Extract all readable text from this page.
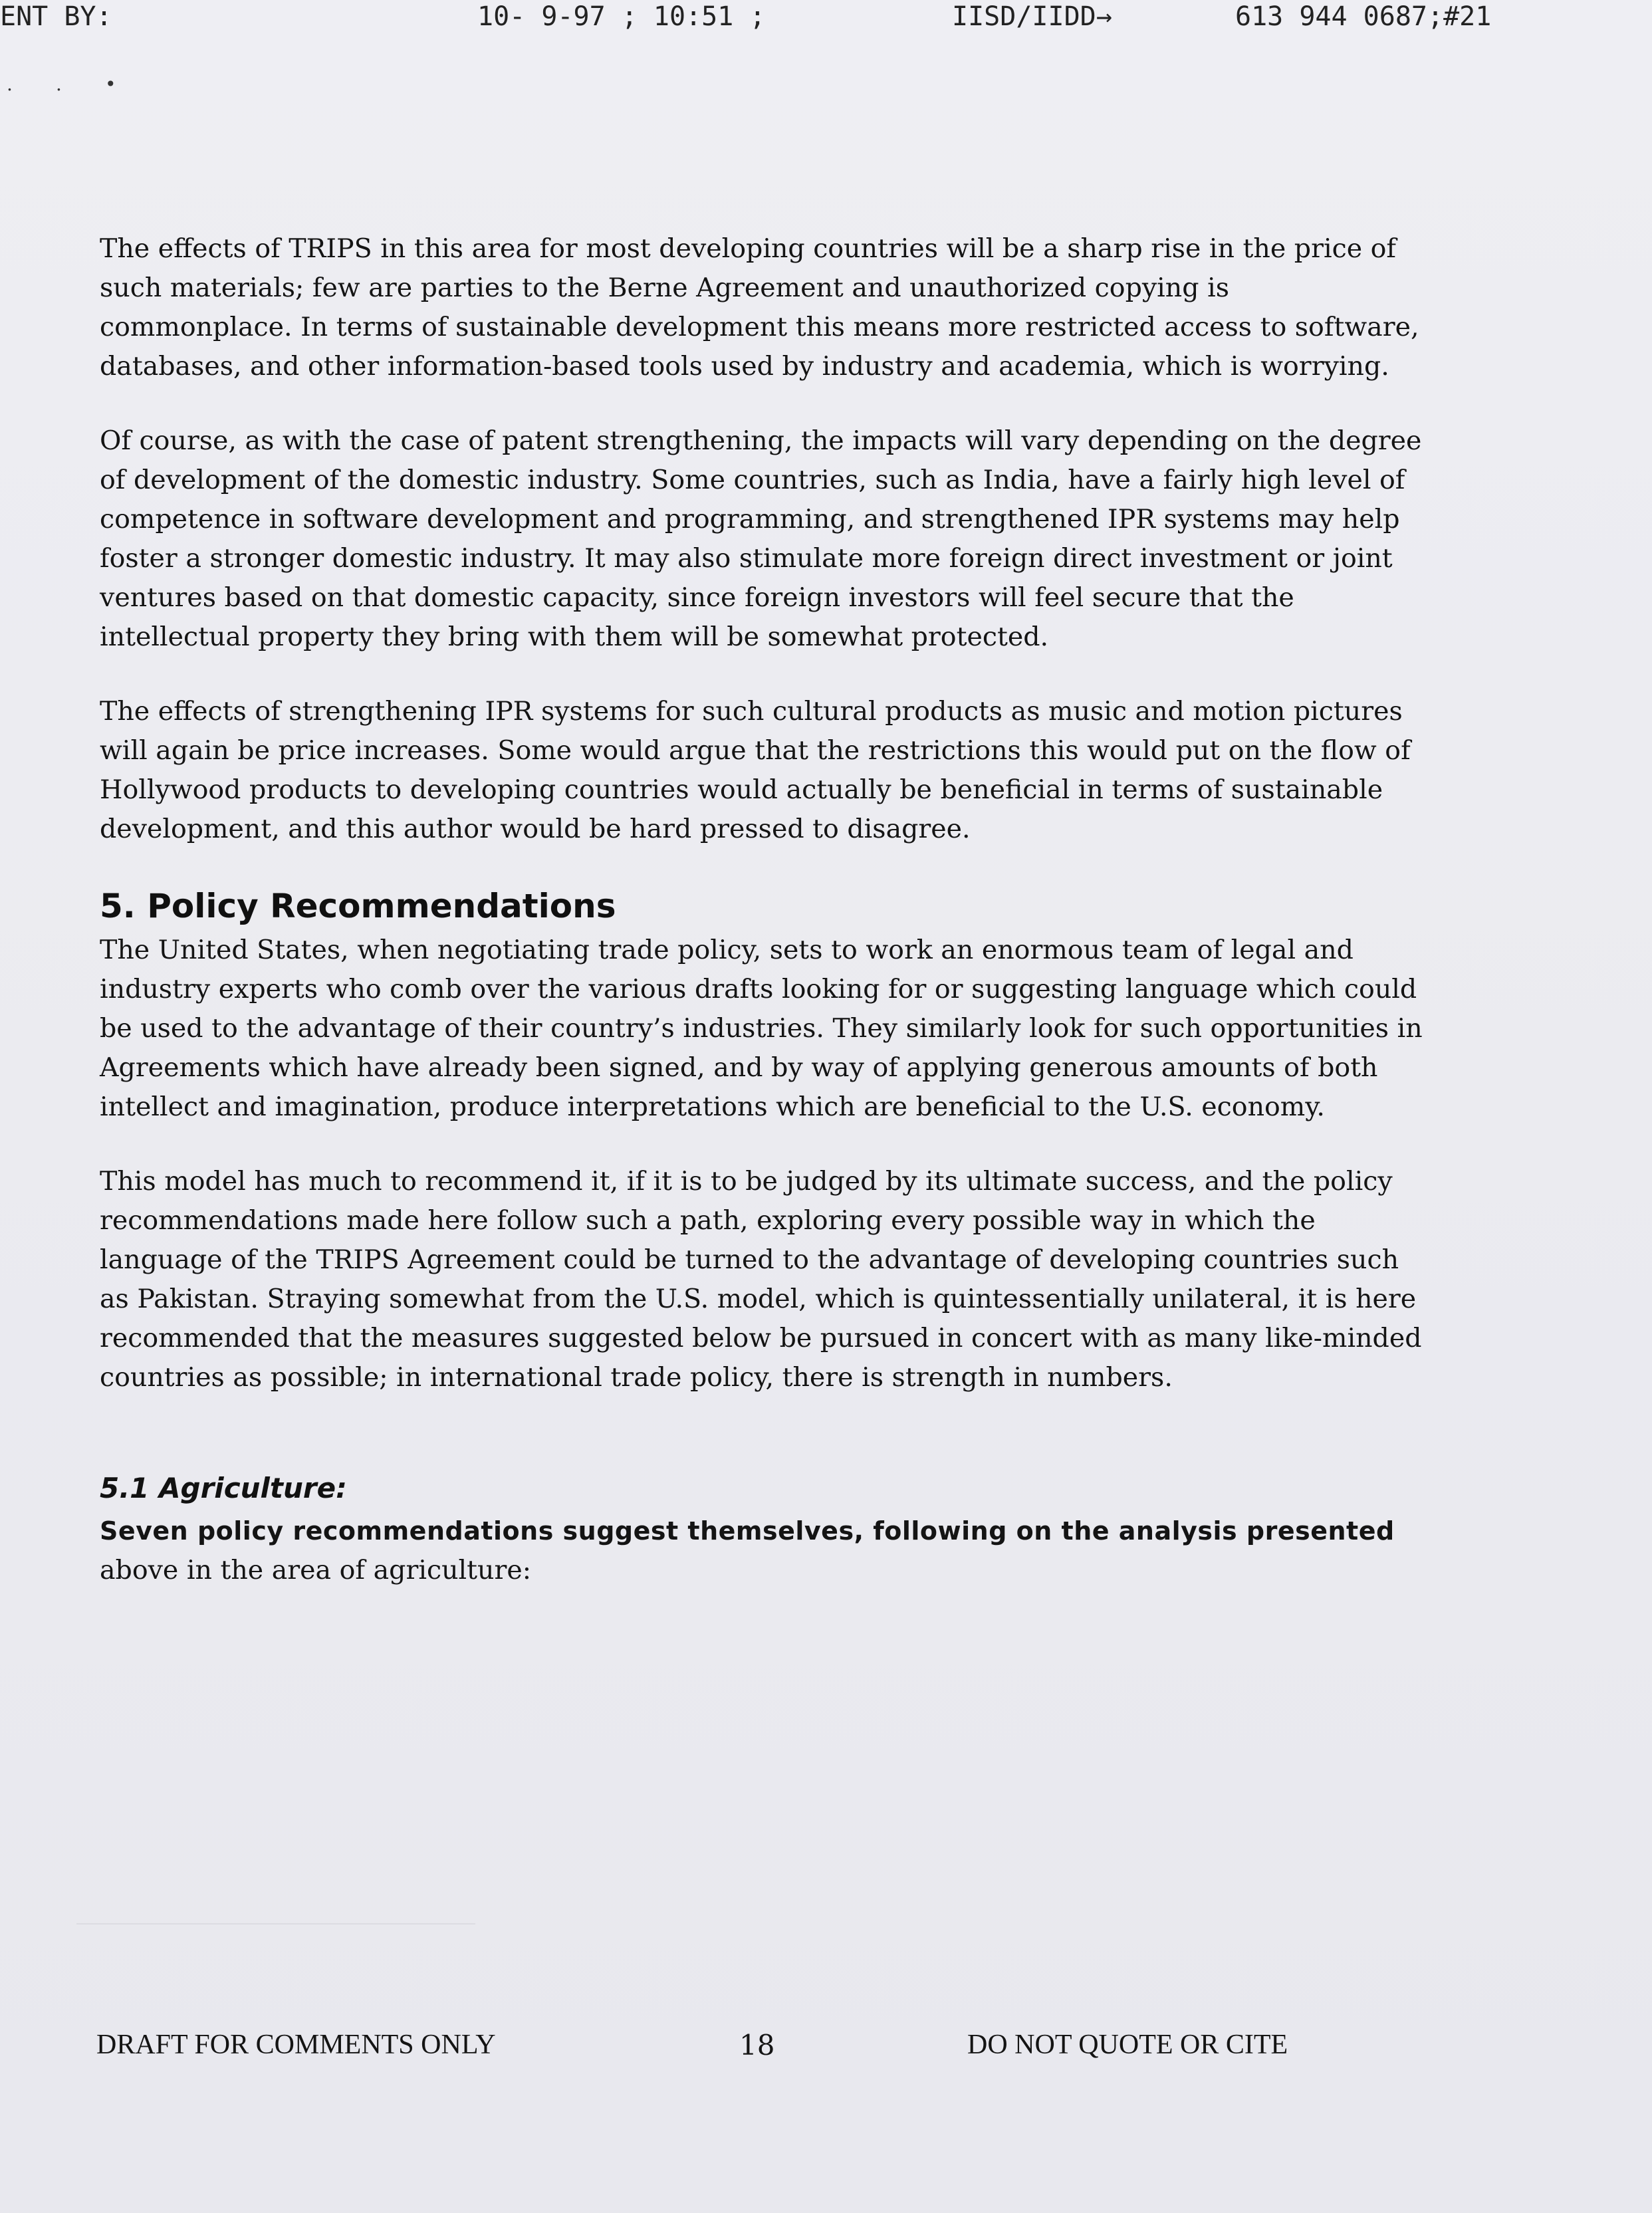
ENT BY:	10- 9-97 ; 10:51 ;	IISD/IIDD→	613 944 0687;#21
. ․ •

The effects of TRIPS in this area for most developing countries will be a sharp rise in the price of such materials; few are parties to the Berne Agreement and unauthorized copying is commonplace. In terms of sustainable development this means more restricted access to software, databases, and other information-based tools used by industry and academia, which is worrying.

Of course, as with the case of patent strengthening, the impacts will vary depending on the degree of development of the domestic industry. Some countries, such as India, have a fairly high level of competence in software development and programming, and strengthened IPR systems may help foster a stronger domestic industry. It may also stimulate more foreign direct investment or joint ventures based on that domestic capacity, since foreign investors will feel secure that the intellectual property they bring with them will be somewhat protected.

The effects of strengthening IPR systems for such cultural products as music and motion pictures will again be price increases. Some would argue that the restrictions this would put on the flow of Hollywood products to developing countries would actually be beneficial in terms of sustainable development, and this author would be hard pressed to disagree.

5. Policy Recommendations

The United States, when negotiating trade policy, sets to work an enormous team of legal and industry experts who comb over the various drafts looking for or suggesting language which could be used to the advantage of their country’s industries. They similarly look for such opportunities in Agreements which have already been signed, and by way of applying generous amounts of both intellect and imagination, produce interpretations which are beneficial to the U.S. economy.

This model has much to recommend it, if it is to be judged by its ultimate success, and the policy recommendations made here follow such a path, exploring every possible way in which the language of the TRIPS Agreement could be turned to the advantage of developing countries such as Pakistan. Straying somewhat from the U.S. model, which is quintessentially unilateral, it is here recommended that the measures suggested below be pursued in concert with as many like-minded countries as possible; in international trade policy, there is strength in numbers.

5.1 Agriculture:

Seven policy recommendations suggest themselves, following on the analysis presented
above in the area of agriculture:

DRAFT FOR COMMENTS ONLY	18	DO NOT QUOTE OR CITE
